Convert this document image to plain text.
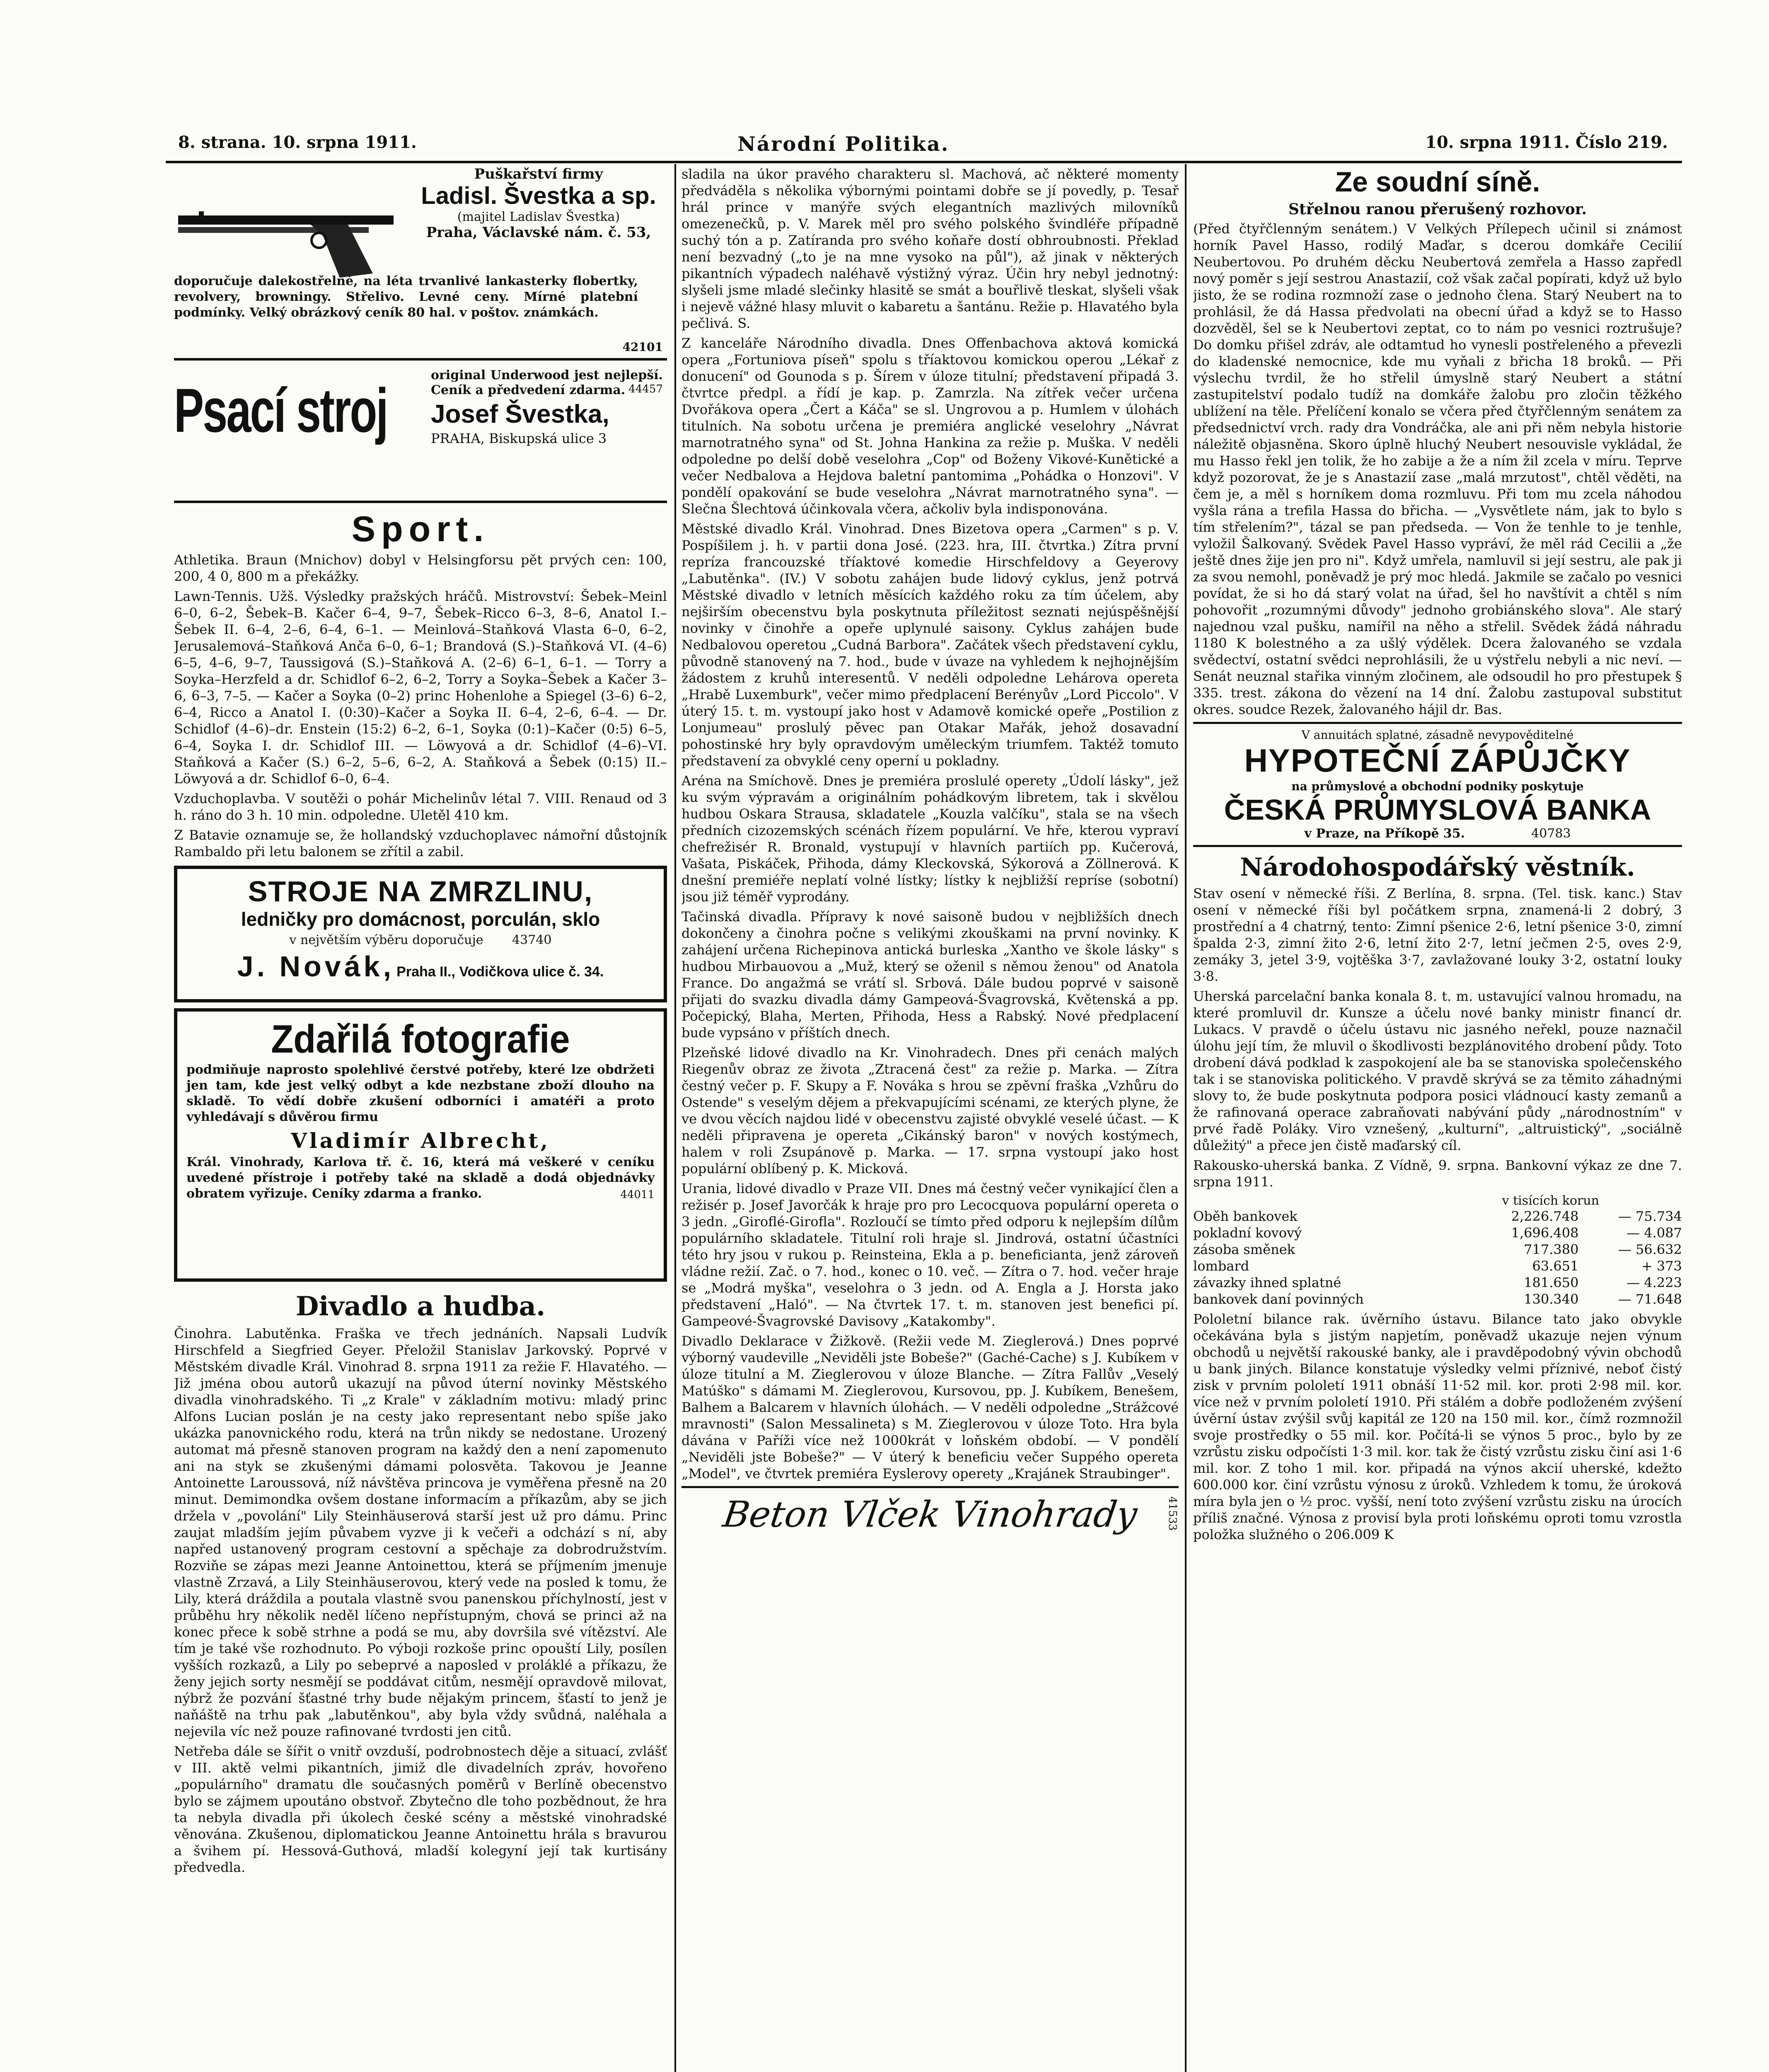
8. strana. 10. srpna 1911.	Národní Politika.	10. srpna 1911. Číslo 219.
Puškařství firmy
Ladisl. Švestka a sp.
(majitel Ladislav Švestka)
Praha, Václavské nám. č. 53,

doporučuje dalekostřelné, na léta trvanlivé lankasterky flobertky, revolvery, browningy. Střelivo. Levné ceny. Mírné platební podmínky. Velký obrázkový ceník 80 hal. v poštov. známkách.

42101
Psací stroj

original Underwood jest nejlepší. Ceník a předvedení zdarma. 44457
Josef Švestka,
PRAHA, Biskupská ulice 3
Sport.

Athletika. Braun (Mnichov) dobyl v Helsingforsu pět prvých cen: 100, 200, 4 0, 800 m a překážky.

Lawn-Tennis. Užš. Výsledky pražských hráčů. Mistrovství: Šebek–Meinl 6–0, 6–2, Šebek–B. Kačer 6–4, 9–7, Šebek–Ricco 6–3, 8–6, Anatol I.–Šebek II. 6–4, 2–6, 6–4, 6–1. — Meinlová–Staňková Vlasta 6–0, 6–2, Jerusalemová–Staňková Anča 6–0, 6–1; Brandová (S.)–Staňková VI. (4–6) 6–5, 4–6, 9–7, Taussigová (S.)–Staňková A. (2–6) 6–1, 6–1. — Torry a Soyka–Herzfeld a dr. Schidlof 6–2, 6–2, Torry a Soyka–Šebek a Kačer 3–6, 6–3, 7–5. — Kačer a Soyka (0–2) princ Hohenlohe a Spiegel (3–6) 6–2, 6–4, Ricco a Anatol I. (0:30)–Kačer a Soyka II. 6–4, 2–6, 6–4. — Dr. Schidlof (4–6)–dr. Enstein (15:2) 6–2, 6–1, Soyka (0:1)–Kačer (0:5) 6–5, 6–4, Soyka I. dr. Schidlof III. — Löwyová a dr. Schidlof (4–6)–VI. Staňková a Kačer (S.) 6–2, 5–6, 6–2, A. Staňková a Šebek (0:15) II.–Löwyová a dr. Schidlof 6–0, 6–4.

Vzduchoplavba. V soutěži o pohár Michelinův létal 7. VIII. Renaud od 3 h. ráno do 3 h. 10 min. odpoledne. Uletěl 410 km.

Z Batavie oznamuje se, že hollandský vzduchoplavec námořní důstojník Rambaldo při letu balonem se zřítil a zabil.

STROJE NA ZMRZLINU,
ledničky pro domácnost, porculán, sklo
v největším výběru doporučuje 43740
J. Novák, Praha II., Vodičkova ulice č. 34.
Zdařilá fotografie

podmiňuje naprosto spolehlivé čerstvé potřeby, které lze obdržeti jen tam, kde jest velký odbyt a kde nezbstane zboží dlouho na skladě. To vědí dobře zkušení odborníci i amatéři a proto vyhledávají s důvěrou firmu

Vladimír Albrecht,

Král. Vinohrady, Karlova tř. č. 16, která má veškeré v ceníku uvedené přístroje i potřeby také na skladě a dodá objednávky obratem vyřizuje. Ceníky zdarma a franko.	44011
Divadlo a hudba.

Činohra. Labutěnka. Fraška ve třech jednáních. Napsali Ludvík Hirschfeld a Siegfried Geyer. Přeložil Stanislav Jarkovský. Poprvé v Městském divadle Král. Vinohrad 8. srpna 1911 za režie F. Hlavatého. — Již jména obou autorů ukazují na původ úterní novinky Městského divadla vinohradského. Ti „z Krale" v základním motivu: mladý princ Alfons Lucian poslán je na cesty jako representant nebo spíše jako ukázka panovnického rodu, která na trůn nikdy se nedostane. Urozený automat má přesně stanoven program na každý den a není zapomenuto ani na styk se zkušenými dámami polosvěta. Takovou je Jeanne Antoinette Laroussová, níž návštěva princova je vyměřena přesně na 20 minut. Demimondka ovšem dostane informacím a příkazům, aby se jich držela v „povolání" Lily Steinhäuserová starší jest už pro dámu. Princ zaujat mladším jejím půvabem vyzve ji k večeři a odchází s ní, aby napřed ustanovený program cestovní a spěchaje za dobrodružstvím. Rozviňe se zápas mezi Jeanne Antoinettou, která se příjmením jmenuje vlastně Zrzavá, a Lily Steinhäuserovou, který vede na posled k tomu, že Lily, která dráždila a poutala vlastně svou panenskou příchylností, jest v průběhu hry několik neděl líčeno nepřístupným, chová se princi až na konec přece k sobě strhne a podá se mu, aby dovršila své vítězství. Ale tím je také vše rozhodnuto. Po výboji rozkoše princ opouští Lily, posílen vyšších rozkazů, a Lily po sebeprvé a naposled v proláklé a příkazu, že ženy jejich sorty nesmějí se poddávat citům, nesmějí opravdově milovat, nýbrž že pozvání šťastné trhy bude nějakým princem, šťastí to jenž je naňáště na trhu pak „labutěnkou", aby byla vždy svůdná, naléhala a nejevila víc než pouze rafinované tvrdosti jen citů.

Netřeba dále se šířit o vnitř ovzduší, podrobnostech děje a situací, zvlášť v III. aktě velmi pikantních, jimiž dle divadelních zpráv, hovořeno „populárního" dramatu dle současných poměrů v Berlíně obecenstvo bylo se zájmem upoutáno obstvoř. Zbytečno dle toho pozbědnout, že hra ta nebyla divadla při úkolech české scény a městské vinohradské věnována. Zkušenou, diplomatickou Jeanne Antoinettu hrála s bravurou a švihem pí. Hessová-Guthová, mladší kolegyní její tak kurtisány předvedla.

sladila na úkor pravého charakteru sl. Machová, ač některé momenty předváděla s několika výbornými pointami dobře se jí povedly, p. Tesař hrál prince v manýře svých elegantních mazlivých milovníků omezenečků, p. V. Marek měl pro svého polského švindléře případně suchý tón a p. Zatíranda pro svého koňaře dostí obhroubnosti. Překlad není bezvadný („to je na mne vysoko na půl"), až jinak v některých pikantních výpadech naléhavě výstižný výraz. Účin hry nebyl jednotný: slyšeli jsme mladé slečinky hlasitě se smát a bouřlivě tleskat, slyšeli však i nejevě vážné hlasy mluvit o kabaretu a šantánu. Režie p. Hlavatého byla pečlivá. S.

Z kanceláře Národního divadla. Dnes Offenbachova aktová komická opera „Fortuniova píseň" spolu s tříaktovou komickou operou „Lékař z donucení" od Gounoda s p. Šírem v úloze titulní; představení připadá 3. čtvrtce předpl. a řídí je kap. p. Zamrzla. Na zítřek večer určena Dvořákova opera „Čert a Káča" se sl. Ungrovou a p. Humlem v úlohách titulních. Na sobotu určena je premiéra anglické veselohry „Návrat marnotratného syna" od St. Johna Hankina za režie p. Muška. V neděli odpoledne po delší době veselohra „Cop" od Boženy Vikové-Kunětické a večer Nedbalova a Hejdova baletní pantomima „Pohádka o Honzovi". V pondělí opakování se bude veselohra „Návrat marnotratného syna". — Slečna Šlechtová účinkovala včera, ačkoliv byla indisponována.

Městské divadlo Král. Vinohrad. Dnes Bizetova opera „Carmen" s p. V. Pospíšilem j. h. v partii dona José. (223. hra, III. čtvrtka.) Zítra první repríza francouzské tříaktové komedie Hirschfeldovy a Geyerovy „Labutěnka". (IV.) V sobotu zahájen bude lidový cyklus, jenž potrvá Městské divadlo v letních měsících každého roku za tím účelem, aby nejširším obecenstvu byla poskytnuta příležitost seznati nejúspěšnější novinky v činohře a opeře uplynulé saisony. Cyklus zahájen bude Nedbalovou operetou „Cudná Barbora". Začátek všech představení cyklu, původně stanovený na 7. hod., bude v úvaze na vyhledem k nejhojnějším žádostem z kruhů interesentů. V neděli odpoledne Lehárova opereta „Hrabě Luxemburk", večer mimo předplacení Berényův „Lord Piccolo". V úterý 15. t. m. vystoupí jako host v Adamově komické opeře „Postilion z Lonjumeau" proslulý pěvec pan Otakar Mařák, jehož dosavadní pohostinské hry byly opravdovým uměleckým triumfem. Taktéž tomuto představení za obvyklé ceny operní u pokladny.

Aréna na Smíchově. Dnes je premiéra proslulé operety „Údolí lásky", jež ku svým výpravám a originálním pohádkovým libretem, tak i skvělou hudbou Oskara Strausa, skladatele „Kouzla valčíku", stala se na všech předních cizozemských scénách řízem populární. Ve hře, kterou vypraví chefrežisér R. Bronald, vystupují v hlavních partiích pp. Kučerová, Vašata, Piskáček, Přihoda, dámy Kleckovská, Sýkorová a Zöllnerová. K dnešní premiéře neplatí volné lístky; lístky k nejbližší repríse (sobotní) jsou již téměř vyprodány.

Tačinská divadla. Přípravy k nové saisoně budou v nejbližších dnech dokončeny a činohra počne s velikými zkouškami na první novinky. K zahájení určena Richepinova antická burleska „Xantho ve škole lásky" s hudbou Mirbauovou a „Muž, který se oženil s němou ženou" od Anatola France. Do angažmá se vrátí sl. Srbová. Dále budou poprvé v saisoně přijati do svazku divadla dámy Gampeová-Švagrovská, Květenská a pp. Počepický, Blaha, Merten, Přihoda, Hess a Rabský. Nové předplacení bude vypsáno v příštích dnech.

Plzeňské lidové divadlo na Kr. Vinohradech. Dnes při cenách malých Riegenův obraz ze života „Ztracená čest" za režie p. Marka. — Zítra čestný večer p. F. Skupy a F. Nováka s hrou se zpěvní fraška „Vzhůru do Ostende" s veselým dějem a překvapujícími scénami, ze kterých plyne, že ve dvou věcích najdou lidé v obecenstvu zajisté obvyklé veselé účast. — K neděli připravena je opereta „Cikánský baron" v nových kostýmech, halem v roli Zsupánově p. Marka. — 17. srpna vystoupí jako host populární oblíbený p. K. Micková.

Urania, lidové divadlo v Praze VII. Dnes má čestný večer vynikající člen a režisér p. Josef Javorčák k hraje pro pro Lecocquova populární opereta o 3 jedn. „Giroflé-Girofla". Rozloučí se tímto před odporu k nejlepším dílům populárního skladatele. Titulní roli hraje sl. Jindrová, ostatní účastníci této hry jsou v rukou p. Reinsteina, Ekla a p. beneficianta, jenž zároveň vládne režií. Zač. o 7. hod., konec o 10. več. — Zítra o 7. hod. večer hraje se „Modrá myška", veselohra o 3 jedn. od A. Engla a J. Horsta jako představení „Haló". — Na čtvrtek 17. t. m. stanoven jest benefici pí. Gampeové-Švagrovské Davisovy „Katakomby".

Divadlo Deklarace v Žižkově. (Režii vede M. Zieglerová.) Dnes poprvé výborný vaudeville „Neviděli jste Bobeše?" (Gaché-Cache) s J. Kubíkem v úloze titulní a M. Zieglerovou v úloze Blanche. — Zítra Fallův „Veselý Matúško" s dámami M. Zieglerovou, Kursovou, pp. J. Kubíkem, Benešem, Balhem a Balcarem v hlavních úlohách. — V neděli odpoledne „Strážcové mravnosti" (Salon Messalineta) s M. Zieglerovou v úloze Toto. Hra byla dávána v Paříži více než 1000krát v loňském období. — V pondělí „Neviděli jste Bobeše?" — V úterý k beneficiu večer Suppého opereta „Model", ve čtvrtek premiéra Eyslerovy operety „Krajánek Straubinger".

Beton Vlček Vinohrady	41533
Ze soudní síně.
Střelnou ranou přerušený rozhovor.

(Před čtyřčlenným senátem.) V Velkých Přílepech učinil si známost horník Pavel Hasso, rodilý Maďar, s dcerou domkáře Cecilií Neubertovou. Po druhém děcku Neubertová zemřela a Hasso zapředl nový poměr s její sestrou Anastazií, což však začal popírati, když už bylo jisto, že se rodina rozmnoží zase o jednoho člena. Starý Neubert na to prohlásil, že dá Hassa předvolati na obecní úřad a když se to Hasso dozvěděl, šel se k Neubertovi zeptat, co to nám po vesnici roztrušuje? Do domku přišel zdráv, ale odtamtud ho vynesli postřeleného a převezli do kladenské nemocnice, kde mu vyňali z břicha 18 broků. — Při výslechu tvrdil, že ho střelil úmyslně starý Neubert a státní zastupitelství podalo tudíž na domkáře žalobu pro zločin těžkého ublížení na těle. Přelíčení konalo se včera před čtyřčlenným senátem za předsednictví vrch. rady dra Vondráčka, ale ani při něm nebyla historie náležitě objasněna. Skoro úplně hluchý Neubert nesouvisle vykládal, že mu Hasso řekl jen tolik, že ho zabije a že a ním žil zcela v míru. Teprve když pozorovat, že je s Anastazií zase „malá mrzutost", chtěl věděti, na čem je, a měl s horníkem doma rozmluvu. Při tom mu zcela náhodou vyšla rána a trefila Hassa do břicha. — „Vysvětlete nám, jak to bylo s tím střelením?", tázal se pan předseda. — Von že tenhle to je tenhle, vyložil Šalkovaný. Svědek Pavel Hasso vypráví, že měl rád Cecilii a „že ještě dnes žije jen pro ni". Když umřela, namluvil si její sestru, ale pak ji za svou nemohl, poněvadž je prý moc hledá. Jakmile se začalo po vesnici povídat, že si ho dá starý volat na úřad, šel ho navštívit a chtěl s ním pohovořit „rozumnými důvody" jednoho grobiánského slova". Ale starý najednou vzal pušku, namířil na něho a střelil. Svědek žádá náhradu 1180 K bolestného a za ušlý výdělek. Dcera žalovaného se vzdala svědectví, ostatní svědci neprohlásili, že u výstřelu nebyli a nic neví. — Senát neuznal stařika vinným zločinem, ale odsoudil ho pro přestupek § 335. trest. zákona do vězení na 14 dní. Žalobu zastupoval substitut okres. soudce Rezek, žalovaného hájil dr. Bas.

V annuitách splatné, zásadně nevypověditelné
HYPOTEČNÍ ZÁPŮJČKY
na průmyslové a obchodní podniky poskytuje
ČESKÁ PRŮMYSLOVÁ BANKA
v Praze, na Příkopě 35.	40783
Národohospodářský věstník.

Stav osení v německé říši. Z Berlína, 8. srpna. (Tel. tisk. kanc.) Stav osení v německé říši byl počátkem srpna, znamená-li 2 dobrý, 3 prostřední a 4 chatrný, tento: Zimní pšenice 2·6, letní pšenice 3·0, zimní špalda 2·3, zimní žito 2·6, letní žito 2·7, letní ječmen 2·5, oves 2·9, zemáky 3, jetel 3·9, vojtěška 3·7, zavlažované louky 3·2, ostatní louky 3·8.

Uherská parcelační banka konala 8. t. m. ustavující valnou hromadu, na které promluvil dr. Kunsze a účelu nové banky ministr financí dr. Lukacs. V pravdě o účelu ústavu nic jasného neřekl, pouze naznačil úlohu její tím, že mluvil o škodlivosti bezplánovitého drobení půdy. Toto drobení dává podklad k zaspokojení ale ba se stanoviska společenského tak i se stanoviska politického. V pravdě skrývá se za těmito záhadnými slovy to, že bude poskytnuta podpora posici vládnoucí kasty zemanů a že rafinovaná operace zabraňovati nabývání půdy „národnostním" v prvé řadě Poláky. Viro vznešený, „kulturní", „altruistický", „sociálně důležitý" a přece jen čistě maďarský cíl.

Rakousko-uherská banka. Z Vídně, 9. srpna. Bankovní výkaz ze dne 7. srpna 1911.

v tisících korun
Oběh bankovek	2,226.748	— 75.734
pokladní kovový	1,696.408	— 4.087
zásoba směnek	717.380	— 56.632
lombard	63.651	+ 373
závazky ihned splatné	181.650	— 4.223
bankovek daní povinných	130.340	— 71.648

Pololetní bilance rak. úvěrního ústavu. Bilance tato jako obvykle očekávána byla s jistým napjetím, poněvadž ukazuje nejen výnum obchodů u největší rakouské banky, ale i pravděpodobný vývin obchodů u bank jiných. Bilance konstatuje výsledky velmi příznivé, neboť čistý zisk v prvním pololetí 1911 obnáší 11·52 mil. kor. proti 2·98 mil. kor. více než v prvním pololetí 1910. Při stálém a dobře podloženém zvýšení úvěrní ústav zvýšil svůj kapitál ze 120 na 150 mil. kor., čímž rozmnožil svoje prostředky o 55 mil. kor. Počítá-li se výnos 5 proc., bylo by ze vzrůstu zisku odpočísti 1·3 mil. kor. tak že čistý vzrůstu zisku činí asi 1·6 mil. kor. Z toho 1 mil. kor. připadá na výnos akcií uherské, kdežto 600.000 kor. činí vzrůstu výnosu z úroků. Vzhledem k tomu, že úroková míra byla jen o ½ proc. vyšší, není toto zvýšení vzrůstu zisku na úrocích příliš značné. Výnosa z provisí byla proti loňskému oproti tomu vzrostla položka služného o 206.009 K
